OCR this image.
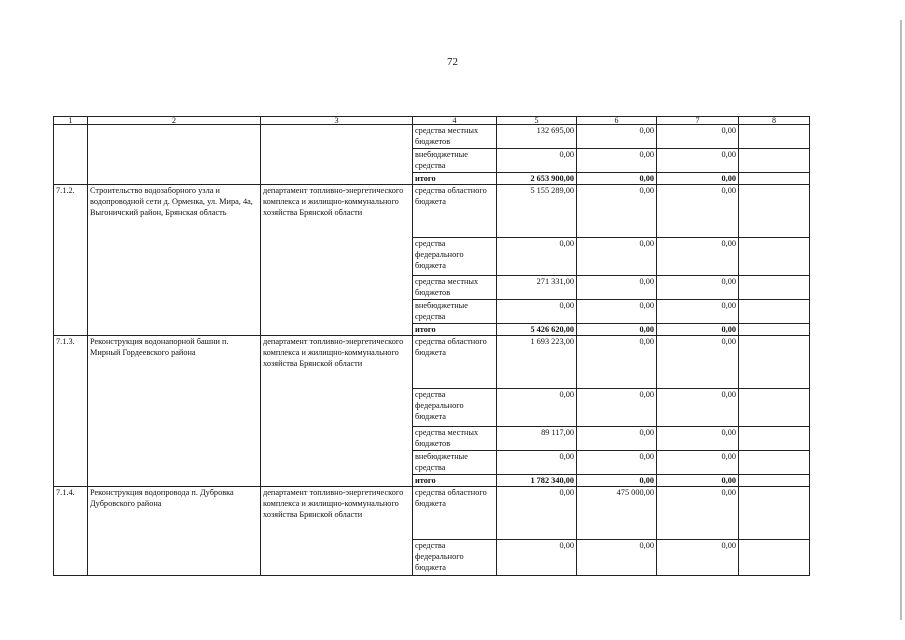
72
1	2	3	4	5	6	7	8
			средства местных бюджетов	132 695,00	0,00	0,00	
			внебюджетные средства	0,00	0,00	0,00	
			итого	2 653 900,00	0,00	0,00	
7.1.2.	Строительство водозаборного узла и водопроводной сети д. Орменка, ул. Мира, 4а, Выгоничский район, Брянская область	департамент топливно-энергетического комплекса и жилищно-коммунального хозяйства Брянской области	средства областного бюджета	5 155 289,00	0,00	0,00	
			средства федерального бюджета	0,00	0,00	0,00	
			средства местных бюджетов	271 331,00	0,00	0,00	
			внебюджетные средства	0,00	0,00	0,00	
			итого	5 426 620,00	0,00	0,00	
7.1.3.	Реконструкция водонапорной башни п. Мирный Гордеевского района	департамент топливно-энергетического комплекса и жилищно-коммунального хозяйства Брянской области	средства областного бюджета	1 693 223,00	0,00	0,00	
			средства федерального бюджета	0,00	0,00	0,00	
			средства местных бюджетов	89 117,00	0,00	0,00	
			внебюджетные средства	0,00	0,00	0,00	
			итого	1 782 340,00	0,00	0,00	
7.1.4.	Реконструкция водопровода п. Дубровка Дубровского района	департамент топливно-энергетического комплекса и жилищно-коммунального хозяйства Брянской области	средства областного бюджета	0,00	475 000,00	0,00	
			средства федерального бюджета	0,00	0,00	0,00	
